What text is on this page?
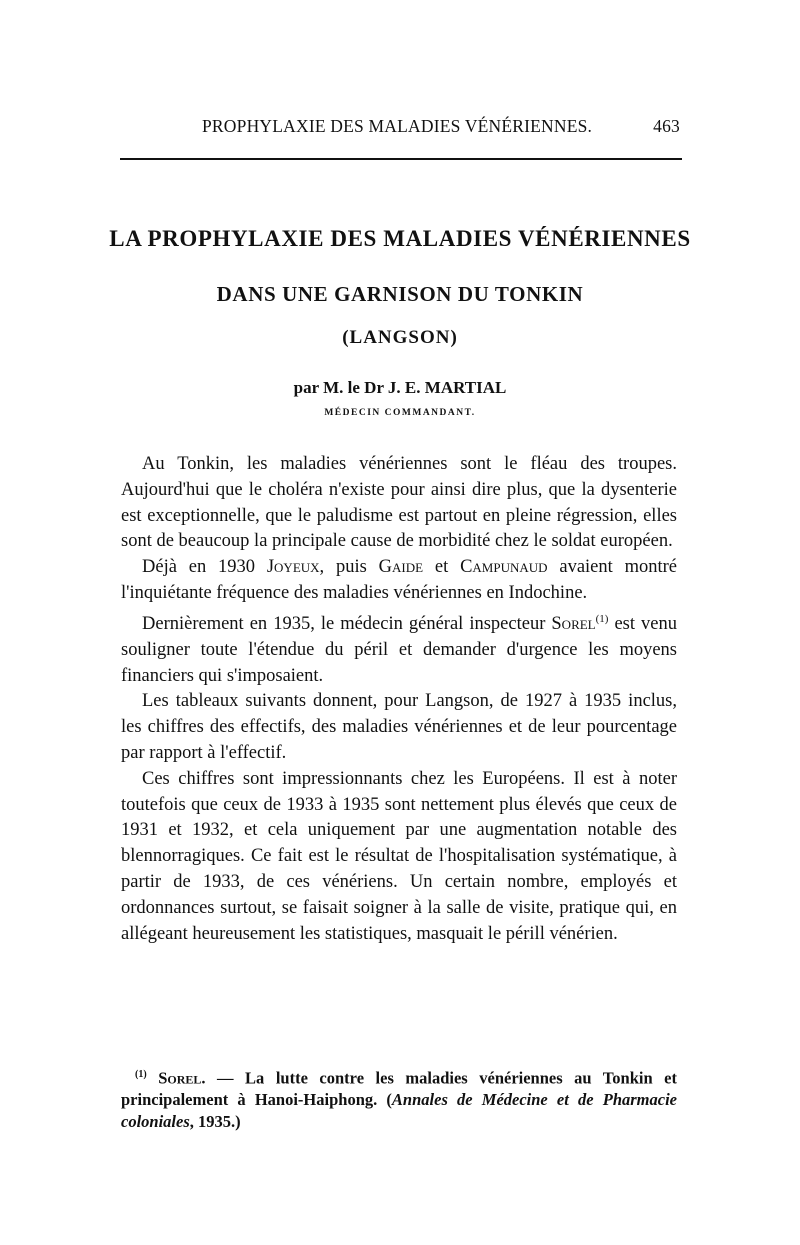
PROPHYLAXIE DES MALADIES VÉNÉRIENNES.	463
LA PROPHYLAXIE DES MALADIES VÉNÉRIENNES
DANS UNE GARNISON DU TONKIN
(LANGSON)
par M. le Dr J. E. MARTIAL
MÉDECIN COMMANDANT.

Au Tonkin, les maladies vénériennes sont le fléau des troupes. Aujourd'hui que le choléra n'existe pour ainsi dire plus, que la dysenterie est exceptionnelle, que le paludisme est partout en pleine régression, elles sont de beaucoup la principale cause de morbidité chez le soldat européen.

Déjà en 1930 Joyeux, puis Gaide et Campunaud avaient montré l'inquiétante fréquence des maladies vénériennes en Indochine.

Dernièrement en 1935, le médecin général inspecteur Sorel$^{(1)}$ est venu souligner toute l'étendue du péril et demander d'urgence les moyens financiers qui s'imposaient.

Les tableaux suivants donnent, pour Langson, de 1927 à 1935 inclus, les chiffres des effectifs, des maladies vénériennes et de leur pourcentage par rapport à l'effectif.

Ces chiffres sont impressionnants chez les Européens. Il est à noter toutefois que ceux de 1933 à 1935 sont nettement plus élevés que ceux de 1931 et 1932, et cela uniquement par une augmentation notable des blennorragiques. Ce fait est le résultat de l'hospitalisation systématique, à partir de 1933, de ces vénériens. Un certain nombre, employés et ordonnances surtout, se faisait soigner à la salle de visite, pratique qui, en allégeant heureusement les statistiques, masquait le périll vénérien.

$^{(1)}$ Sorel. — La lutte contre les maladies vénériennes au Tonkin et principalement à Hanoi-Haiphong. (Annales de Médecine et de Pharmacie coloniales, 1935.)
